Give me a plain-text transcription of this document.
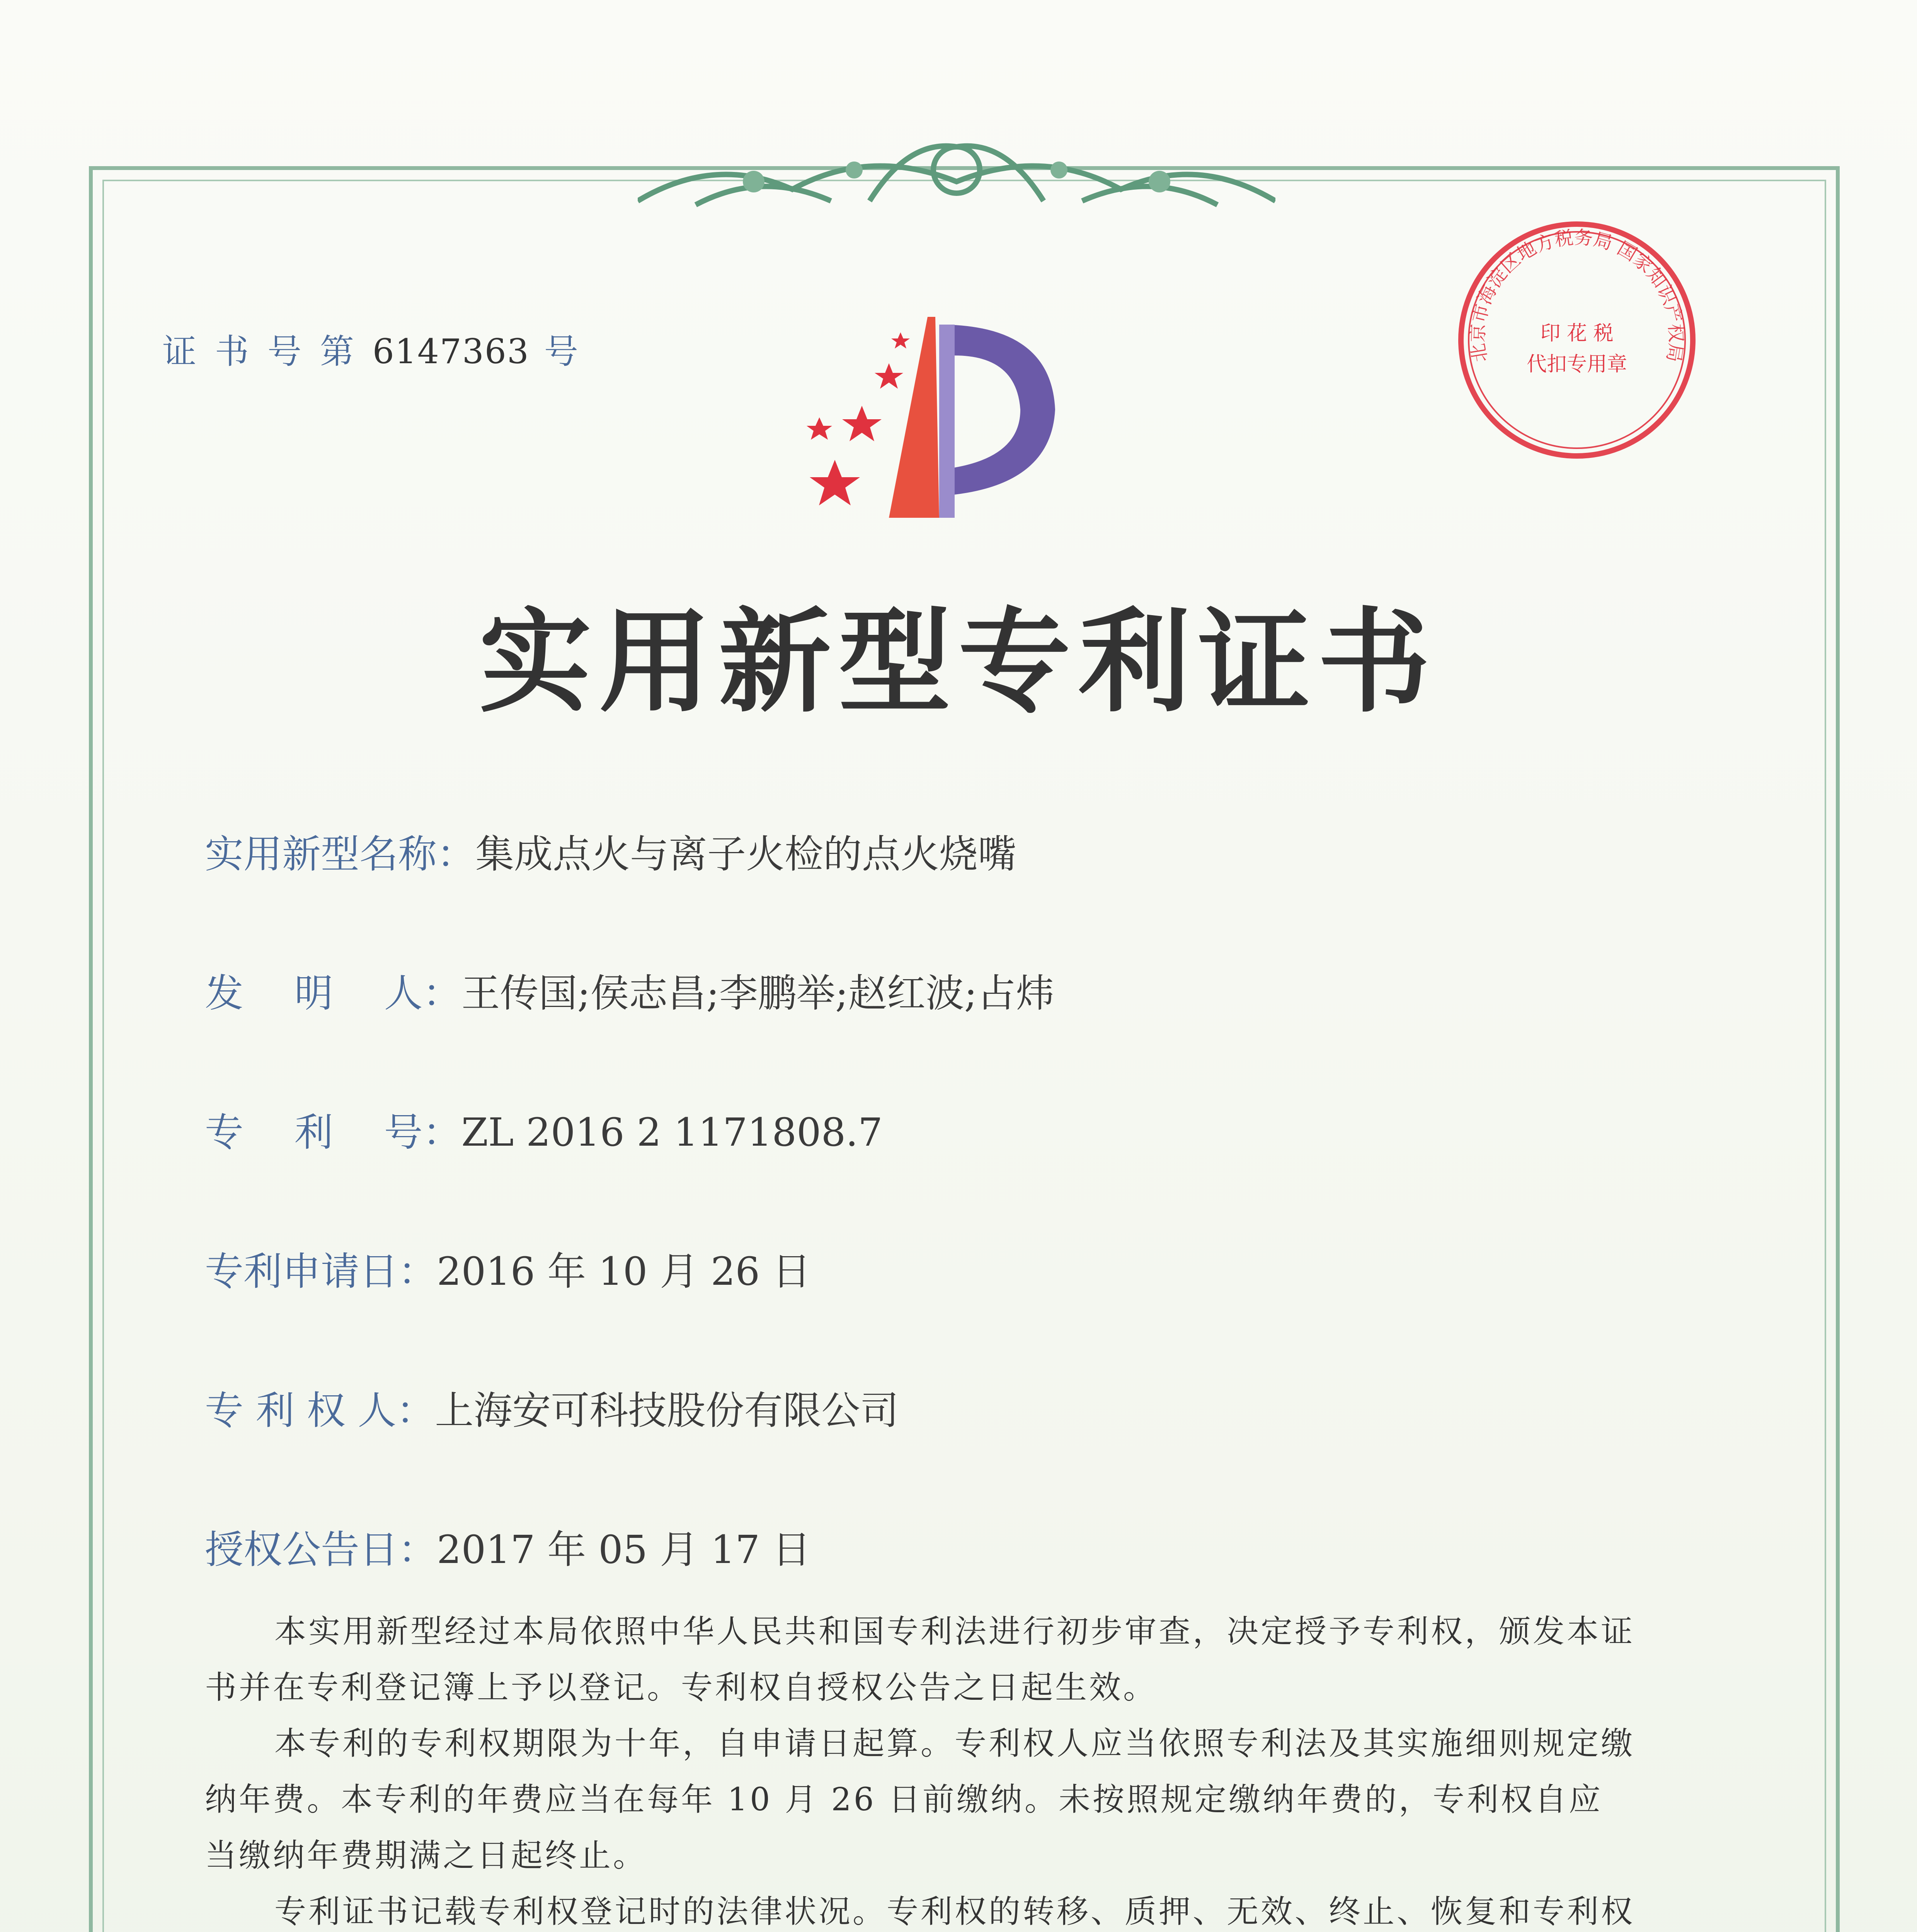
证 书 号 第 6147363 号
实用新型专利证书
实用新型名称：集成点火与离子火检的点火烧嘴
发　 明　 人：王传国;侯志昌;李鹏举;赵红波;占炜
专　 利　 号：ZL 2016 2 1171808.7
专利申请日：2016 年 10 月 26 日
专 利 权 人：上海安可科技股份有限公司
授权公告日：2017 年 05 月 17 日

本实用新型经过本局依照中华人民共和国专利法进行初步审查，决定授予专利权，颁发本证书并在专利登记簿上予以登记。专利权自授权公告之日起生效。

本专利的专利权期限为十年，自申请日起算。专利权人应当依照专利法及其实施细则规定缴纳年费。本专利的年费应当在每年 10 月 26 日前缴纳。未按照规定缴纳年费的，专利权自应当缴纳年费期满之日起终止。

专利证书记载专利权登记时的法律状况。专利权的转移、质押、无效、终止、恢复和专利权

北京市海淀区地方税务局 国家知识产权局
印 花 税
代扣专用章
